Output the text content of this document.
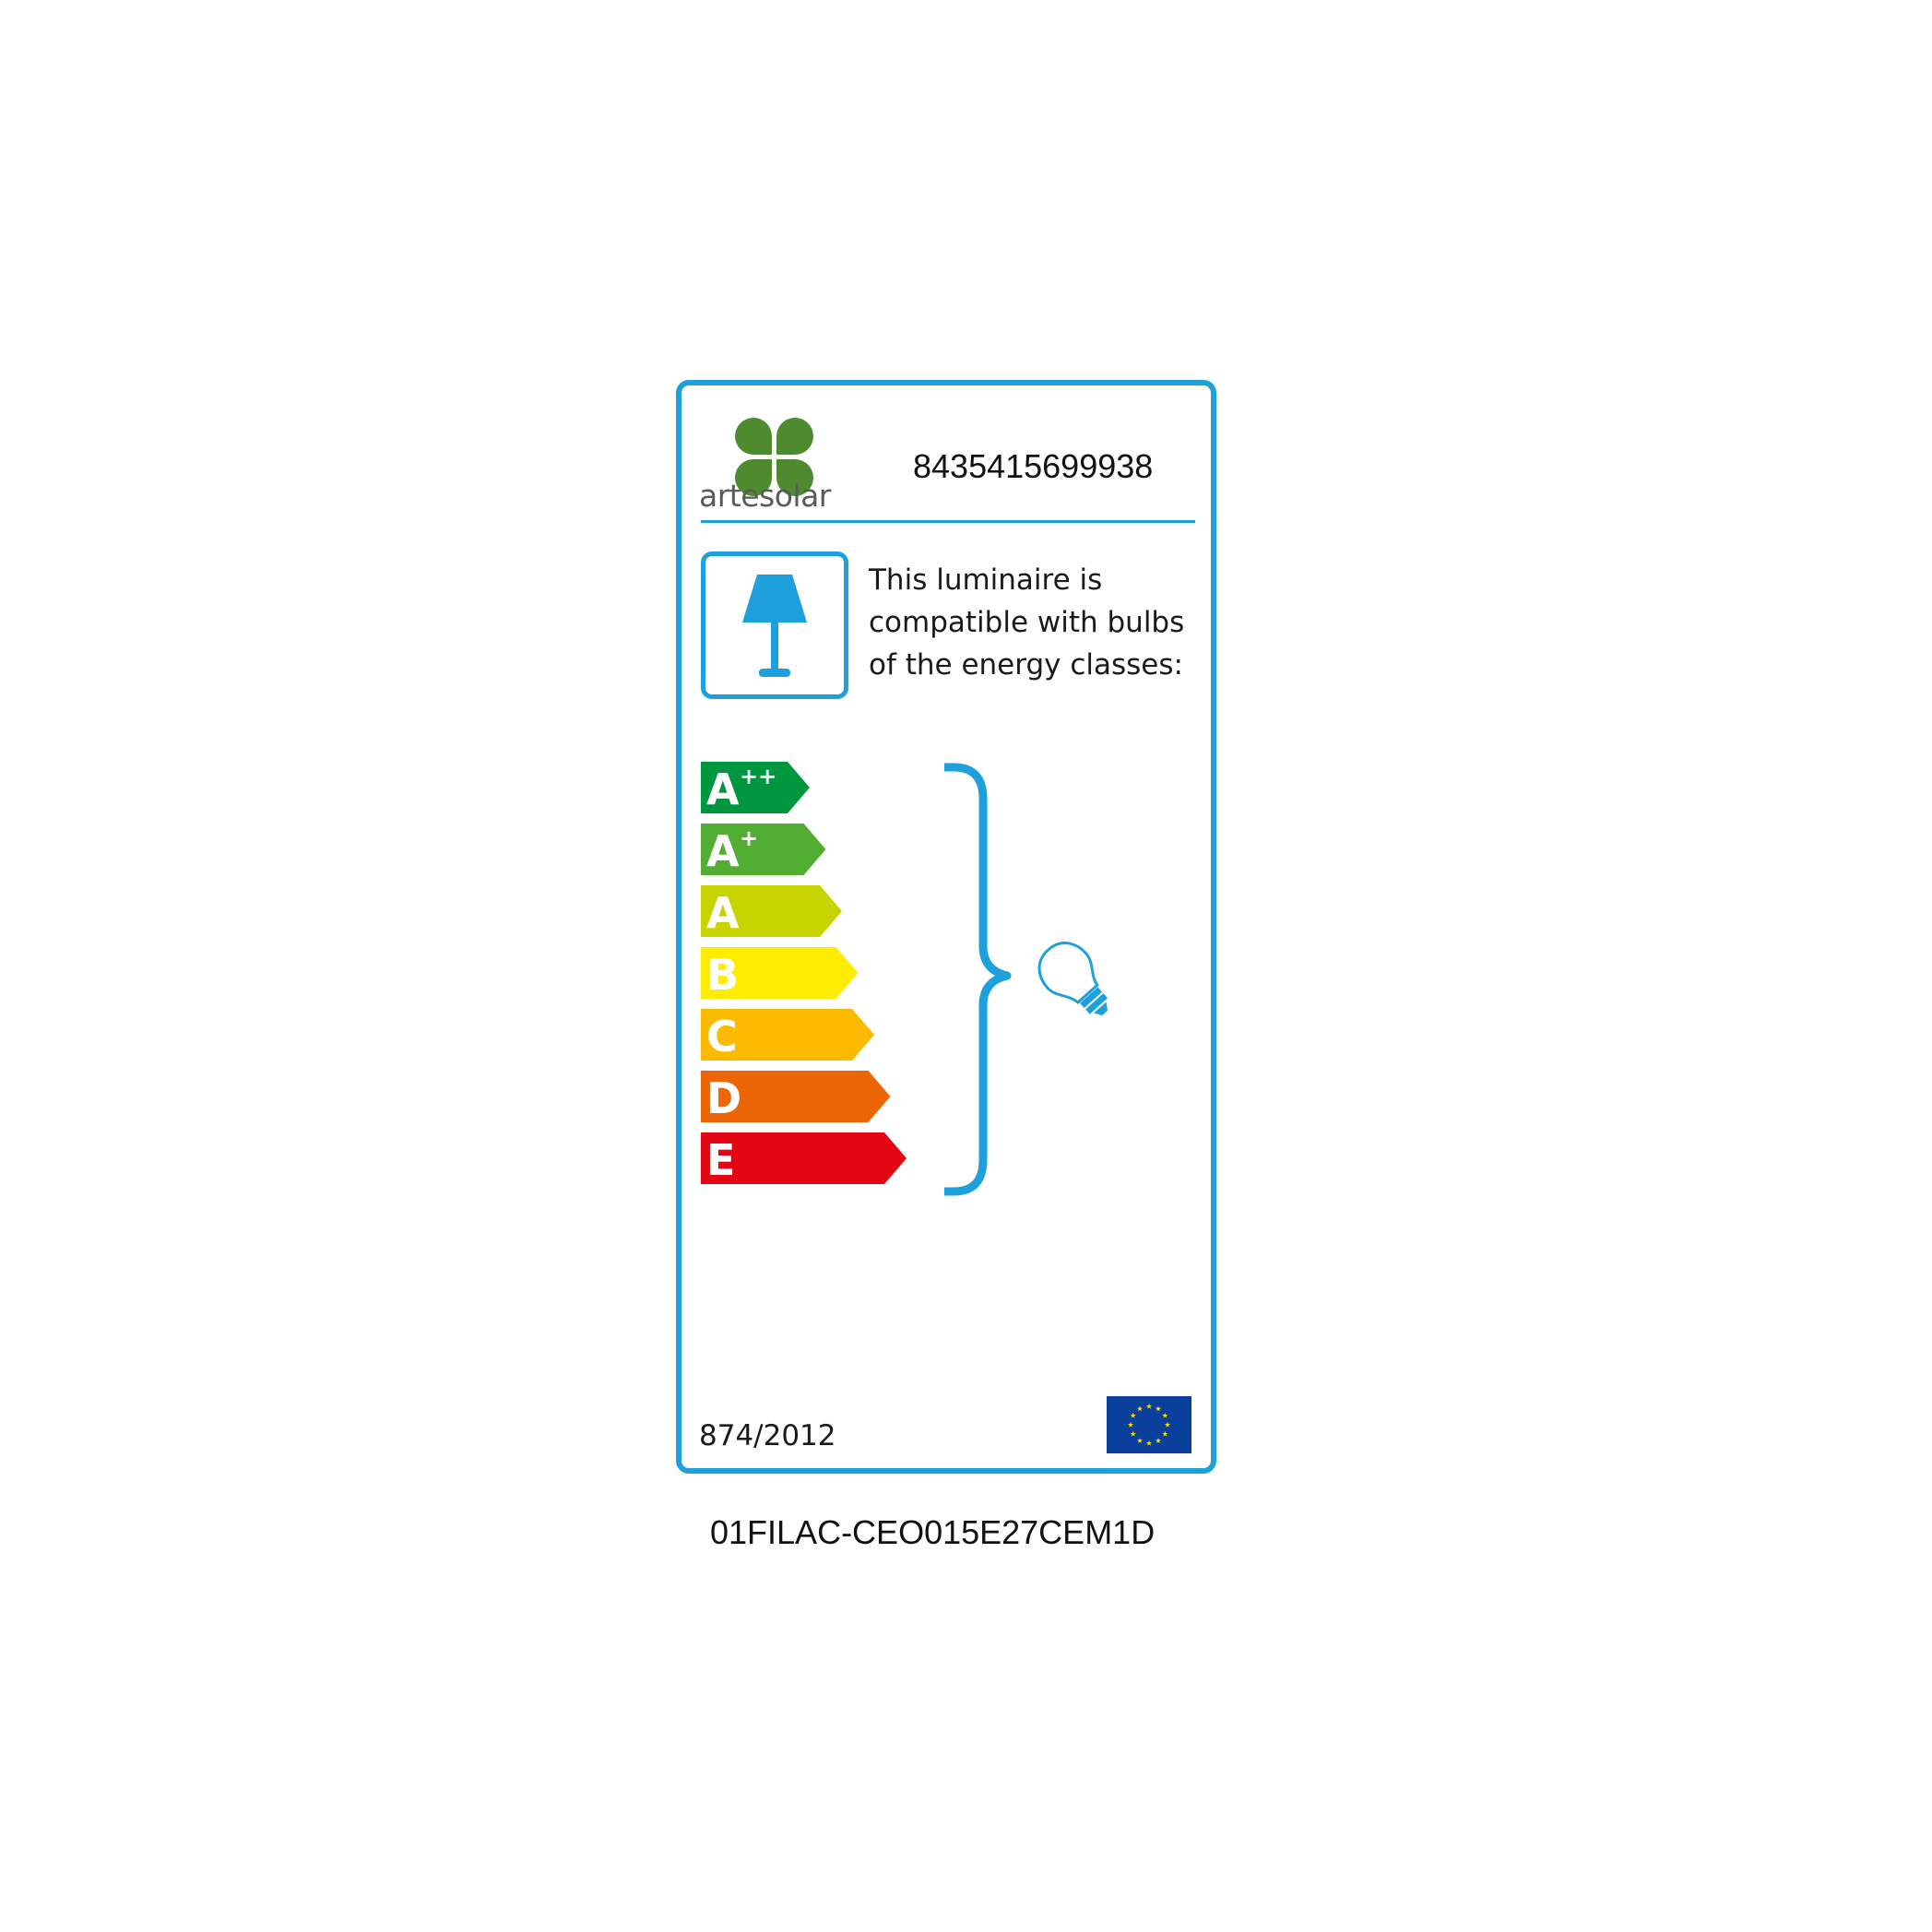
artesolar
8435415699938
This luminaire is
compatible with bulbs
of the energy classes:
A ++
A +
A
B
C
D
E
874/2012
01FILAC-CEO015E27CEM1D
